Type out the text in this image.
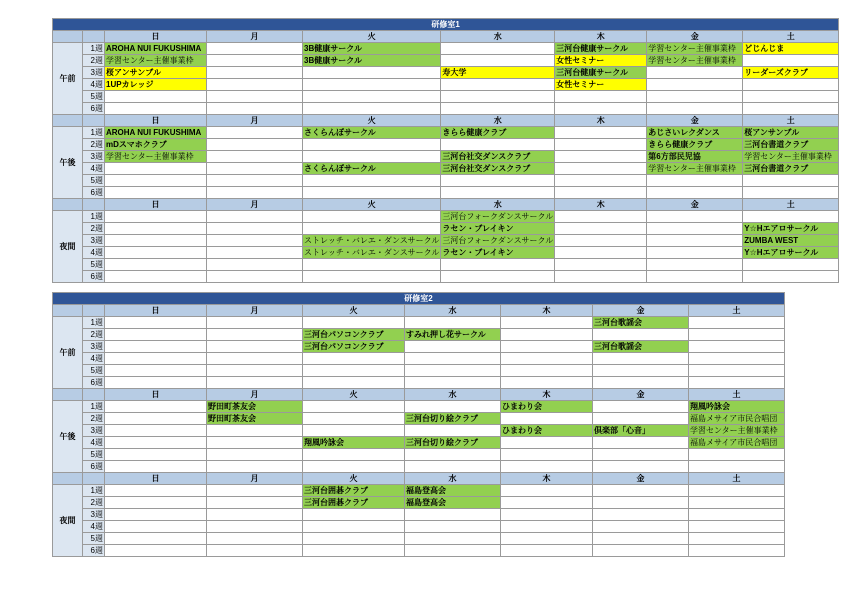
研修室1								
		日	月	火	水	木	金	土
午前	1週	AROHA NUI FUKUSHIMA		3B健康サークル		三河台健康サークル	学習センター主催事業枠	どじんじま
	2週	学習センター主催事業枠		3B健康サークル		女性セミナー	学習センター主催事業枠	
	3週	桜アンサンブル			寿大学	三河台健康サークル		リーダーズクラブ
	4週	1UPカレッジ				女性セミナー		
	5週							
	6週							
		日	月	火	水	木	金	土
午後	1週	AROHA NUI FUKUSHIMA		さくらんぼサークル	きらら健康クラブ		あじさいレクダンス	桜アンサンブル
	2週	mDスマホクラブ					きらら健康クラブ	三河台書道クラブ
	3週	学習センター主催事業枠			三河台社交ダンスクラブ		第6方部民児協	学習センター主催事業枠
	4週			さくらんぼサークル	三河台社交ダンスクラブ		学習センター主催事業枠	三河台書道クラブ
	5週							
	6週							
		日	月	火	水	木	金	土
夜間	1週				三河台フォークダンスサークル			
	2週				ラセン・ブレイキン			Y☆Hエアロサークル
	3週			ストレッチ・バレエ・ダンスサークル	三河台フォークダンスサークル			ZUMBA WEST
	4週			ストレッチ・バレエ・ダンスサークル	ラセン・ブレイキン			Y☆Hエアロサークル
	5週							
	6週							
研修室2								
		日	月	火	水	木	金	土
午前	1週						三河台歌謡会	
	2週			三河台パソコンクラブ	すみれ押し花サークル			
	3週			三河台パソコンクラブ			三河台歌謡会	
	4週							
	5週							
	6週							
		日	月	火	水	木	金	土
午後	1週		野田町茶友会			ひまわり会		翔風吟詠会
	2週		野田町茶友会		三河台切り絵クラブ			福島メサイア市民合唱団
	3週					ひまわり会	倶楽部「心音」	学習センター主催事業枠
	4週			翔風吟詠会	三河台切り絵クラブ			福島メサイア市民合唱団
	5週							
	6週							
		日	月	火	水	木	金	土
夜間	1週			三河台囲碁クラブ	福島登高会			
	2週			三河台囲碁クラブ	福島登高会			
	3週							
	4週							
	5週							
	6週							
